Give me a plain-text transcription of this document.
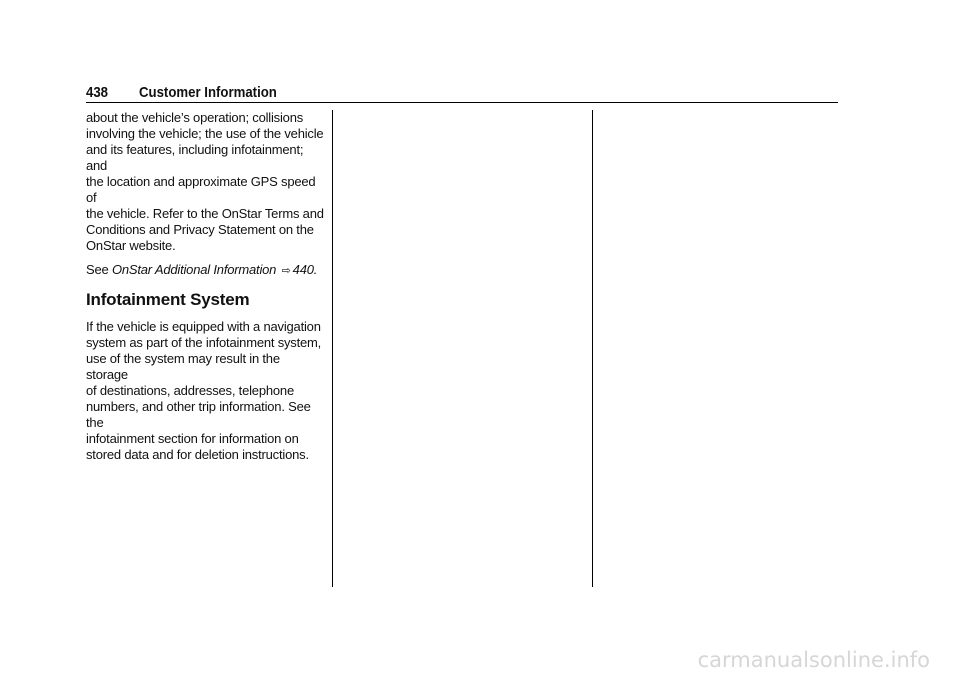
438 Customer Information

about the vehicle’s operation; collisions

involving the vehicle; the use of the vehicle

and its features, including infotainment; and

the location and approximate GPS speed of

the vehicle. Refer to the OnStar Terms and

Conditions and Privacy Statement on the

OnStar website.

See OnStar Additional Information ⇨ 440.

Infotainment System

If the vehicle is equipped with a navigation

system as part of the infotainment system,

use of the system may result in the storage

of destinations, addresses, telephone

numbers, and other trip information. See the

infotainment section for information on

stored data and for deletion instructions.

carmanualsonline.info
